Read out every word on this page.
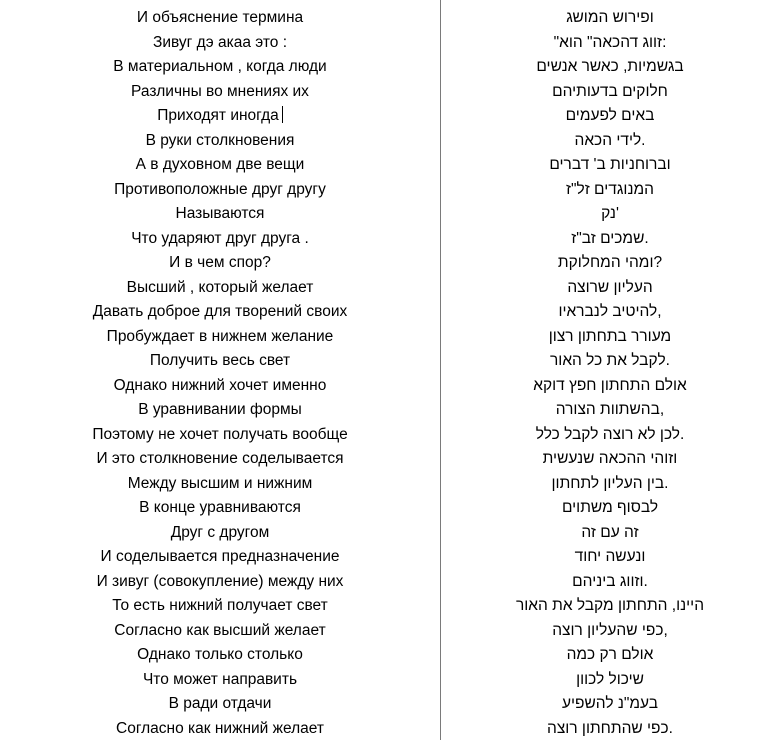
И объяснение термина
Зивуг дэ акаа это :
В материальном , когда люди
Различны во мнениях их
Приходят иногда
В руки столкновения
А в духовном две вещи
Противоположные друг другу
Называются
Что ударяют друг друга .
И в чем спор?
Высший , который желает
Давать доброе для творений своих
Пробуждает в нижнем желание
Получить весь свет
Однако нижний хочет именно
В уравнивании формы
Поэтому не хочет получать вообще
И это столкновение соделывается
Между высшим и нижним
В конце уравниваются
Друг с другом
И соделывается предназначение
И зивуг (совокупление) между них
То есть нижний получает свет
Согласно как высший желает
Однако только столько
Что может направить
В ради отдачи
Согласно как нижний желает
ופירוש המושג
:זווג דהכאה" הוא"
בגשמיות, כאשר אנשים
חלוקים בדעותיהם
באים לפעמים
.לידי הכאה
וברוחניות ב' דברים
המנוגדים זל"ז
'נק
.שמכים זב"ז
?ומהי המחלוקת
העליון שרוצה
,להיטיב לנבראיו
מעורר בתחתון רצון
.לקבל את כל האור
אולם התחתון חפץ דוקא
,בהשתוות הצורה
.לכן לא רוצה לקבל כלל
וזוהי ההכאה שנעשית
.בין העליון לתחתון
לבסוף משתוים
זה עם זה
ונעשה יחוד
.וזווג ביניהם
היינו, התחתון מקבל את האור
,כפי שהעליון רוצה
אולם רק כמה
שיכול לכוון
בעמ"נ להשפיע
.כפי שהתחתון רוצה
